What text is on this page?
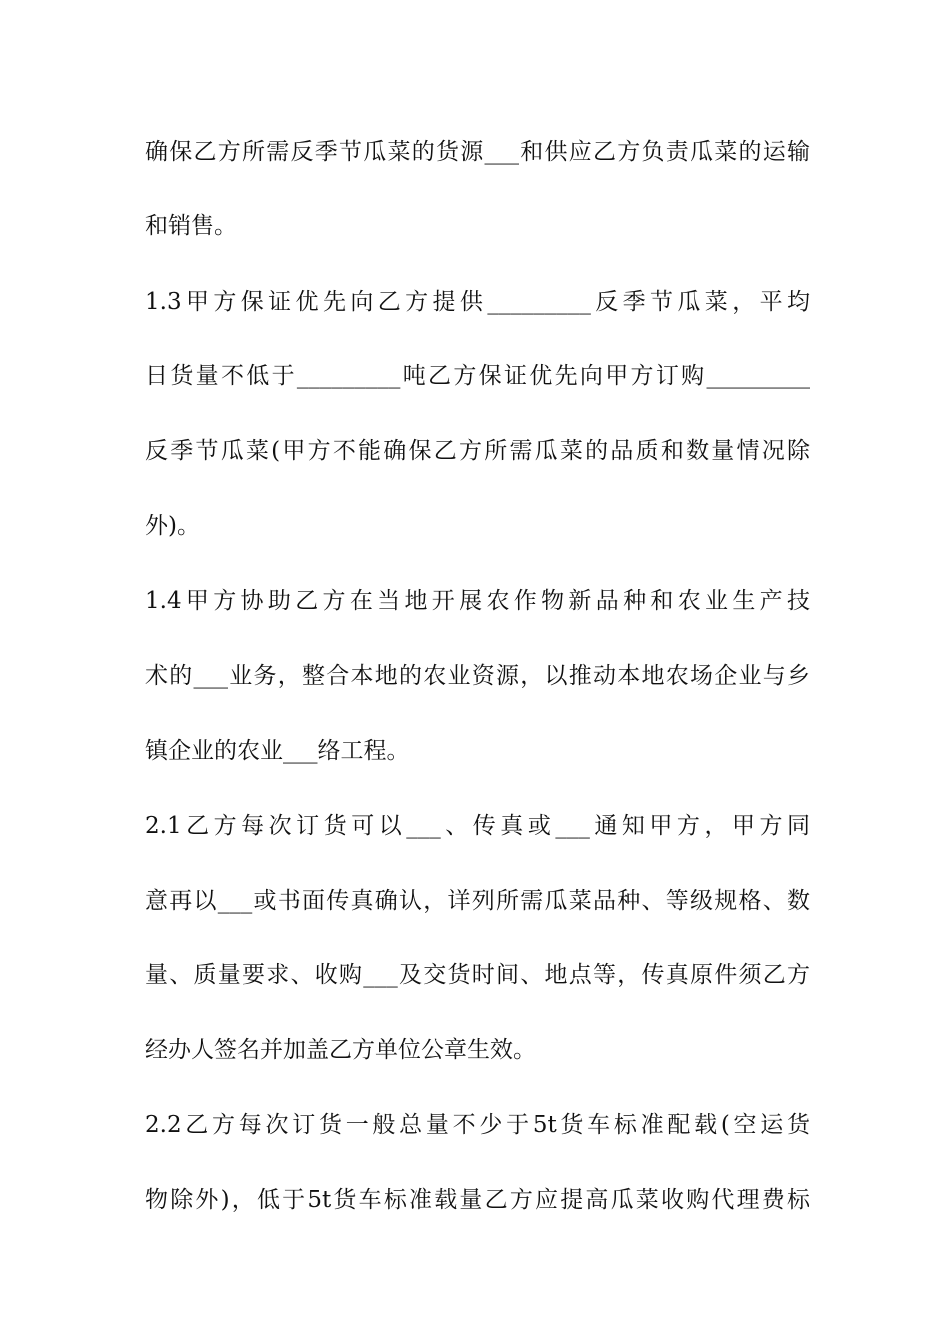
确保乙方所需反季节瓜菜的货源___和供应乙方负责瓜菜的运输
和销售。
1.3甲方保证优先向乙方提供_________反季节瓜菜，平均
日货量不低于_________吨乙方保证优先向甲方订购_________
反季节瓜菜(甲方不能确保乙方所需瓜菜的品质和数量情况除
外)。
1.4甲方协助乙方在当地开展农作物新品种和农业生产技
术的___业务，整合本地的农业资源，以推动本地农场企业与乡
镇企业的农业___络工程。
2.1乙方每次订货可以___、传真或___通知甲方，甲方同
意再以___或书面传真确认，详列所需瓜菜品种、等级规格、数
量、质量要求、收购___及交货时间、地点等，传真原件须乙方
经办人签名并加盖乙方单位公章生效。
2.2乙方每次订货一般总量不少于5t货车标准配载(空运货
物除外)，低于5t货车标准载量乙方应提高瓜菜收购代理费标
